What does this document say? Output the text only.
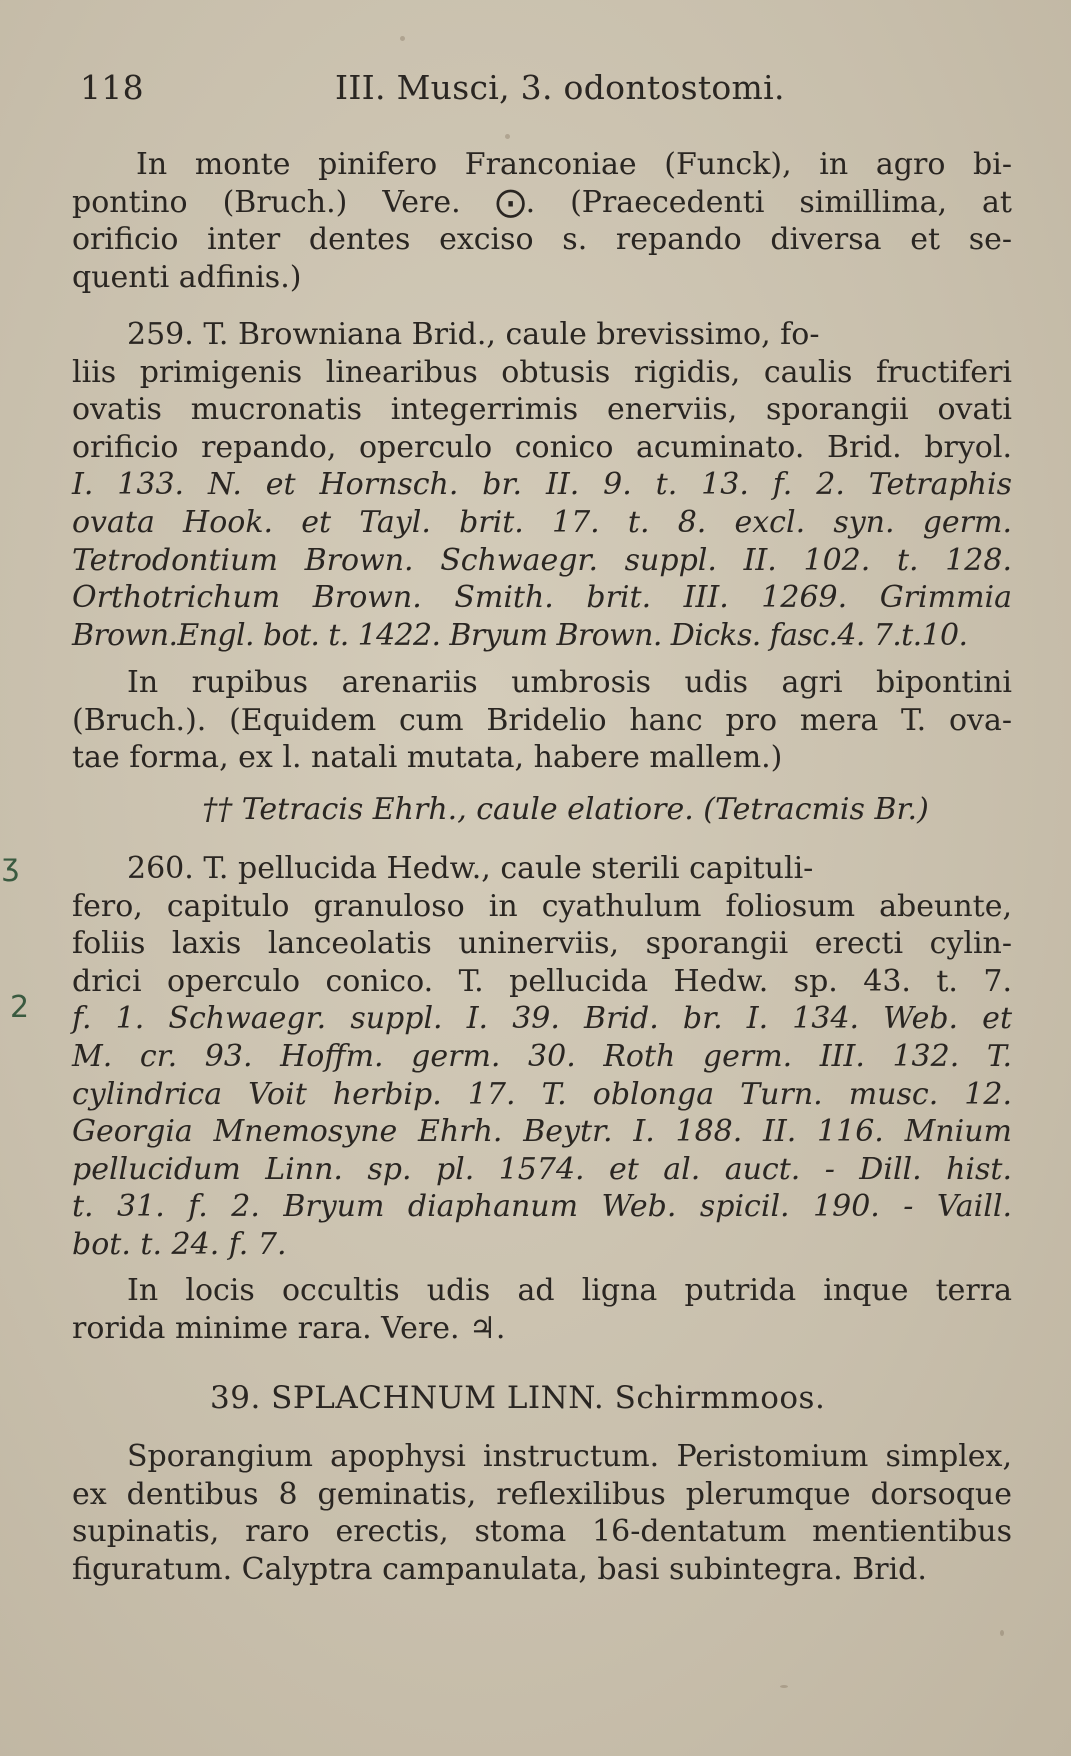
118	III. Musci, 3. odontostomi.
In monte pinifero Franconiae (Funck), in agro bi-
pontino (Bruch.) Vere. ⨀. (Praecedenti simillima, at
orificio inter dentes exciso s. repando diversa et se-
quenti adfinis.)
259. T. Browniana Brid., caule brevissimo, fo-
liis primigenis linearibus obtusis rigidis, caulis fructiferi
ovatis mucronatis integerrimis enerviis, sporangii ovati
orificio repando, operculo conico acuminato. Brid. bryol.
I. 133. N. et Hornsch. br. II. 9. t. 13. f. 2. Tetraphis
ovata Hook. et Tayl. brit. 17. t. 8. excl. syn. germ.
Tetrodontium Brown. Schwaegr. suppl. II. 102. t. 128.
Orthotrichum Brown. Smith. brit. III. 1269. Grimmia
Brown.Engl. bot. t. 1422. Bryum Brown. Dicks. fasc.4. 7.t.10.
In rupibus arenariis umbrosis udis agri bipontini
(Bruch.). (Equidem cum Bridelio hanc pro mera T. ova-
tae forma, ex l. natali mutata, habere mallem.)
†† Tetracis Ehrh., caule elatiore. (Tetracmis Br.)
260. T. pellucida Hedw., caule sterili capituli-
fero, capitulo granuloso in cyathulum foliosum abeunte,
foliis laxis lanceolatis uninerviis, sporangii erecti cylin-
drici operculo conico. T. pellucida Hedw. sp. 43. t. 7.
f. 1. Schwaegr. suppl. I. 39. Brid. br. I. 134. Web. et
M. cr. 93. Hoffm. germ. 30. Roth germ. III. 132. T.
cylindrica Voit herbip. 17. T. oblonga Turn. musc. 12.
Georgia Mnemosyne Ehrh. Beytr. I. 188. II. 116. Mnium
pellucidum Linn. sp. pl. 1574. et al. auct. - Dill. hist.
t. 31. f. 2. Bryum diaphanum Web. spicil. 190. - Vaill.
bot. t. 24. f. 7.
In locis occultis udis ad ligna putrida inque terra
rorida minime rara. Vere. ♃.
39. SPLACHNUM LINN. Schirmmoos.
Sporangium apophysi instructum. Peristomium simplex,
ex dentibus 8 geminatis, reflexilibus plerumque dorsoque
supinatis, raro erectis, stoma 16-dentatum mentientibus
figuratum. Calyptra campanulata, basi subintegra. Brid.
ʒ
2
